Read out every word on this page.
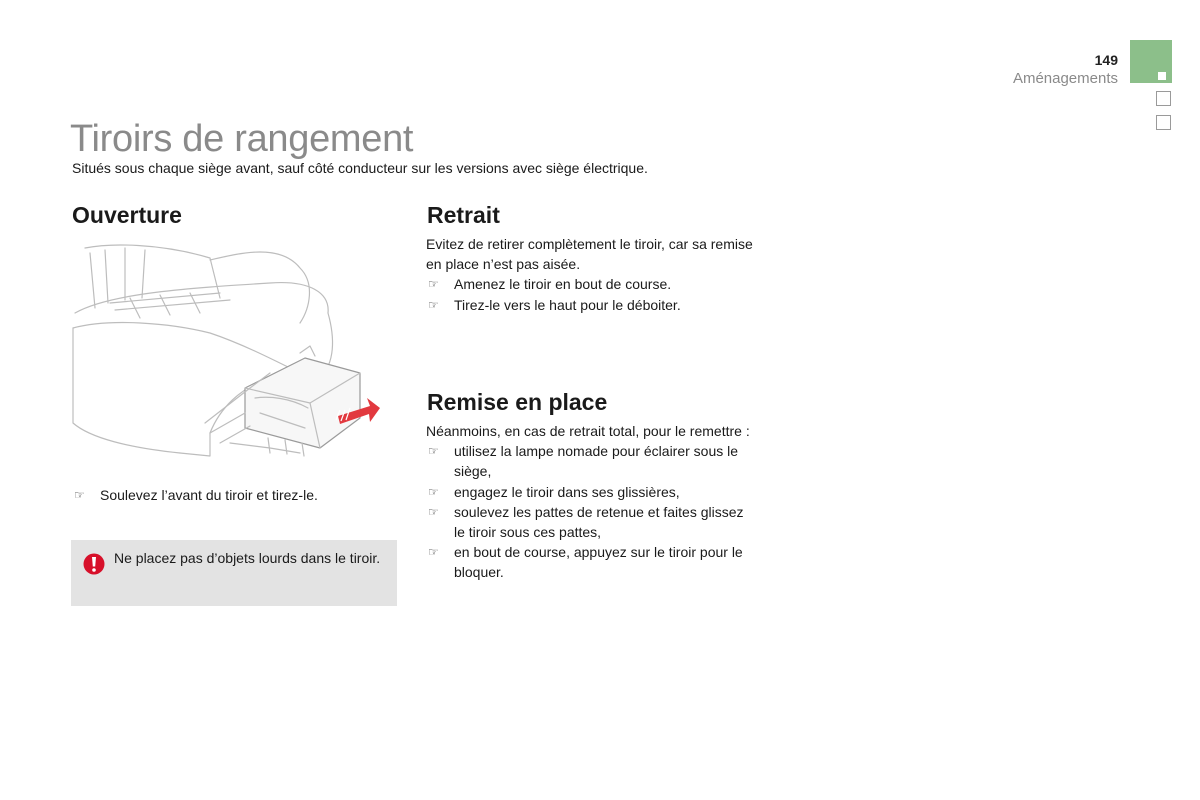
149
Aménagements
Tiroirs de rangement

Situés sous chaque siège avant, sauf côté conducteur sur les versions avec siège électrique.

Ouverture	Retrait
Remise en place
☞ Soulevez l’avant du tiroir et tirez-le.

Ne placez pas d’objets lourds dans le tiroir.

Evitez de retirer complètement le tiroir, car sa remise en place n’est pas aisée.

☞ Amenez le tiroir en bout de course.
☞ Tirez-le vers le haut pour le déboiter.

Néanmoins, en cas de retrait total, pour le remettre :

☞ utilisez la lampe nomade pour éclairer sous le siège,
☞ engagez le tiroir dans ses glissières,
☞ soulevez les pattes de retenue et faites glissez le tiroir sous ces pattes,
☞ en bout de course, appuyez sur le tiroir pour le bloquer.
